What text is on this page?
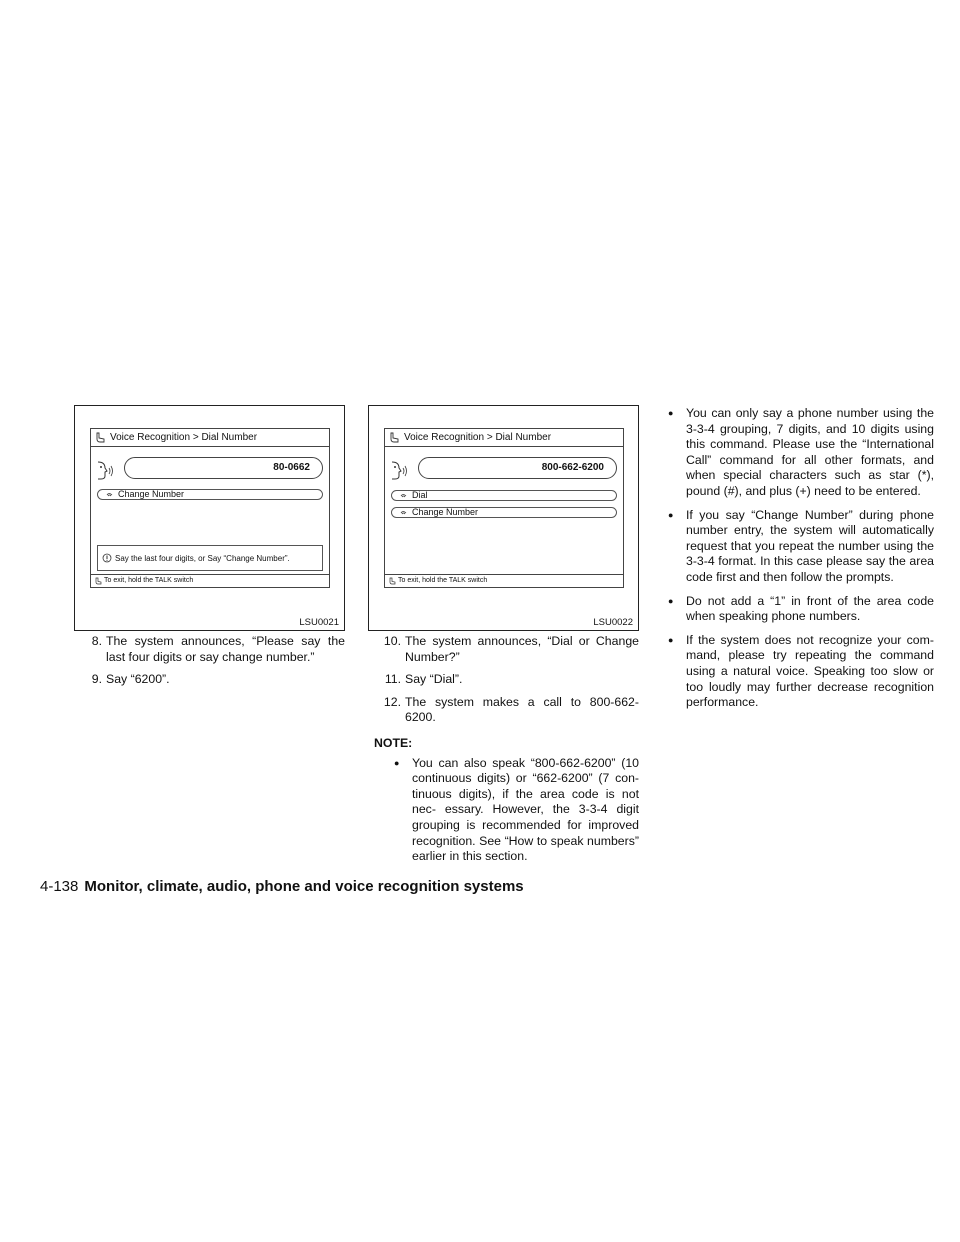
Voice Recognition > Dial Number
80-0662
Change Number
Say the last four digits, or Say “Change Number”.
To exit, hold the TALK switch
LSU0021
Voice Recognition > Dial Number
800-662-6200
Dial
Change Number
To exit, hold the TALK switch
LSU0022
8. The system announces, “Please say the last four digits or say change number.”
9. Say “6200”.
10. The system announces, “Dial or Change Number?”
11. Say “Dial”.
12. The system makes a call to 800-662- 6200.
NOTE:
●	You can also speak “800-662-6200” (10 continuous digits) or “662-6200” (7 con- tinuous digits), if the area code is not nec- essary. However, the 3-3-4 digit grouping is recommended for improved recognition. See “How to speak numbers” earlier in this section.
●	You can only say a phone number using the 3-3-4 grouping, 7 digits, and 10 digits using this command. Please use the “International Call” command for all other formats, and when special characters such as star (*), pound (#), and plus (+) need to be entered.
●	If you say “Change Number” during phone number entry, the system will automatically request that you repeat the number using the 3-3-4 format. In this case please say the area code first and then follow the prompts.
●	Do not add a “1” in front of the area code when speaking phone numbers.
●	If the system does not recognize your com- mand, please try repeating the command using a natural voice. Speaking too slow or too loudly may further decrease recognition performance.
4-138 Monitor, climate, audio, phone and voice recognition systems
